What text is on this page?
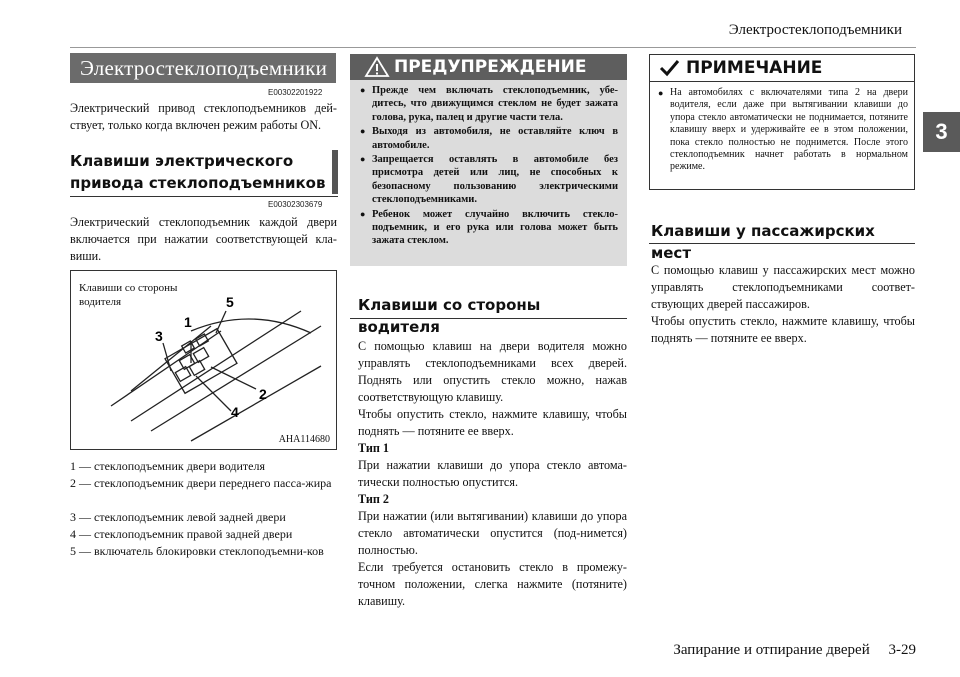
Электростеклоподъемники
3
Электростеклоподъемники
E00302201922
Электрический привод стеклоподъемников дей-ствует, только когда включен режим работы ON.
Клавиши электрического привода стеклоподъемников
E00302303679
Электрический стеклоподъемник каждой двери включается при нажатии соответствующей кла-виши.
Клавиши со стороны водителя	5
1
3
2
4
AHA114680
1 — стеклоподъемник двери водителя
2 — стеклоподъемник двери переднего пасса-жира
3 — стеклоподъемник левой задней двери
4 — стеклоподъемник правой задней двери
5 — включатель блокировки стеклоподъемни-ков
ПРЕДУПРЕЖДЕНИЕ
● Прежде чем включать стеклоподъемник, убе-дитесь, что движущимся стеклом не будет зажата голова, рука, палец и другие части тела.
● Выходя из автомобиля, не оставляйте ключ в автомобиле.
● Запрещается оставлять в автомобиле без присмотра детей или лиц, не способных к безопасному пользованию электрическими стеклоподъемниками.
● Ребенок может случайно включить стекло-подъемник, и его рука или голова может быть зажата стеклом.
Клавиши со стороны водителя
С помощью клавиш на двери водителя можно управлять стеклоподъемниками всех дверей. Поднять или опустить стекло можно, нажав соответствующую клавишу.
Чтобы опустить стекло, нажмите клавишу, чтобы поднять — потяните ее вверх.
Тип 1
При нажатии клавиши до упора стекло автома-тически полностью опустится.
Тип 2
При нажатии (или вытягивании) клавиши до упора стекло автоматически опустится (под-нимется) полностью.
Если требуется остановить стекло в промежу-точном положении, слегка нажмите (потяните) клавишу.
ПРИМЕЧАНИЕ
● На автомобилях с включателями типа 2 на двери водителя, если даже при вытягивании клавиши до упора стекло автоматически не поднимается, потяните клавишу вверх и удерживайте ее в этом положении, пока стекло полностью не поднимется. После этого стеклоподъемник начнет работать в нормальном режиме.
Клавиши у пассажирских мест
С помощью клавиш у пассажирских мест можно управлять стеклоподъемниками соответ-ствующих дверей пассажиров.
Чтобы опустить стекло, нажмите клавишу, чтобы поднять — потяните ее вверх.
Запирание и отпирание дверей     3-29
